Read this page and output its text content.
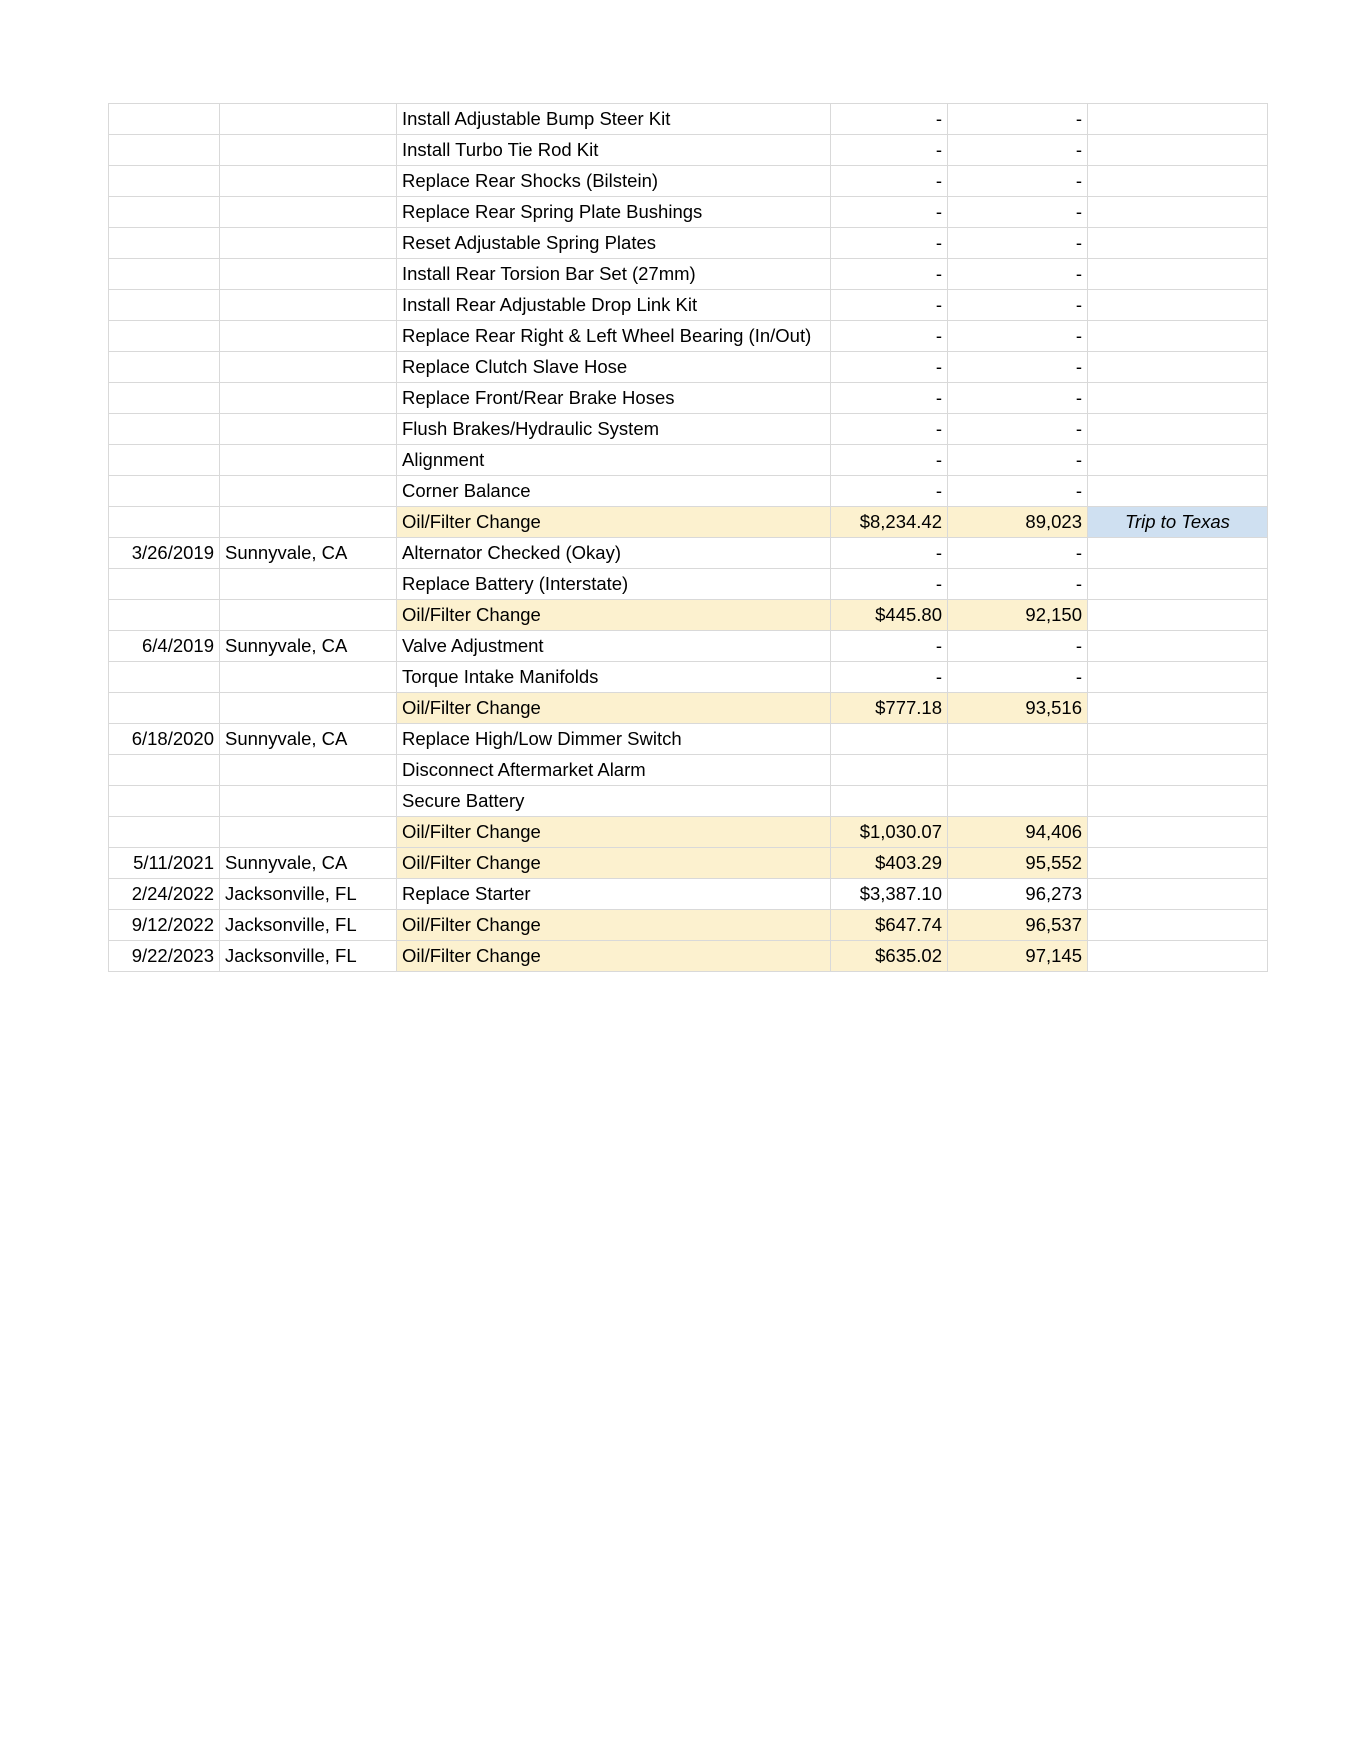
		Install Adjustable Bump Steer Kit	-	-	
		Install Turbo Tie Rod Kit	-	-	
		Replace Rear Shocks (Bilstein)	-	-	
		Replace Rear Spring Plate Bushings	-	-	
		Reset Adjustable Spring Plates	-	-	
		Install Rear Torsion Bar Set (27mm)	-	-	
		Install Rear Adjustable Drop Link Kit	-	-	
		Replace Rear Right & Left Wheel Bearing (In/Out)	-	-	
		Replace Clutch Slave Hose	-	-	
		Replace Front/Rear Brake Hoses	-	-	
		Flush Brakes/Hydraulic System	-	-	
		Alignment	-	-	
		Corner Balance	-	-	
		Oil/Filter Change	$8,234.42	89,023	Trip to Texas
3/26/2019	Sunnyvale, CA	Alternator Checked (Okay)	-	-	
		Replace Battery (Interstate)	-	-	
		Oil/Filter Change	$445.80	92,150	
6/4/2019	Sunnyvale, CA	Valve Adjustment	-	-	
		Torque Intake Manifolds	-	-	
		Oil/Filter Change	$777.18	93,516	
6/18/2020	Sunnyvale, CA	Replace High/Low Dimmer Switch			
		Disconnect Aftermarket Alarm			
		Secure Battery			
		Oil/Filter Change	$1,030.07	94,406	
5/11/2021	Sunnyvale, CA	Oil/Filter Change	$403.29	95,552	
2/24/2022	Jacksonville, FL	Replace Starter	$3,387.10	96,273	
9/12/2022	Jacksonville, FL	Oil/Filter Change	$647.74	96,537	
9/22/2023	Jacksonville, FL	Oil/Filter Change	$635.02	97,145	
